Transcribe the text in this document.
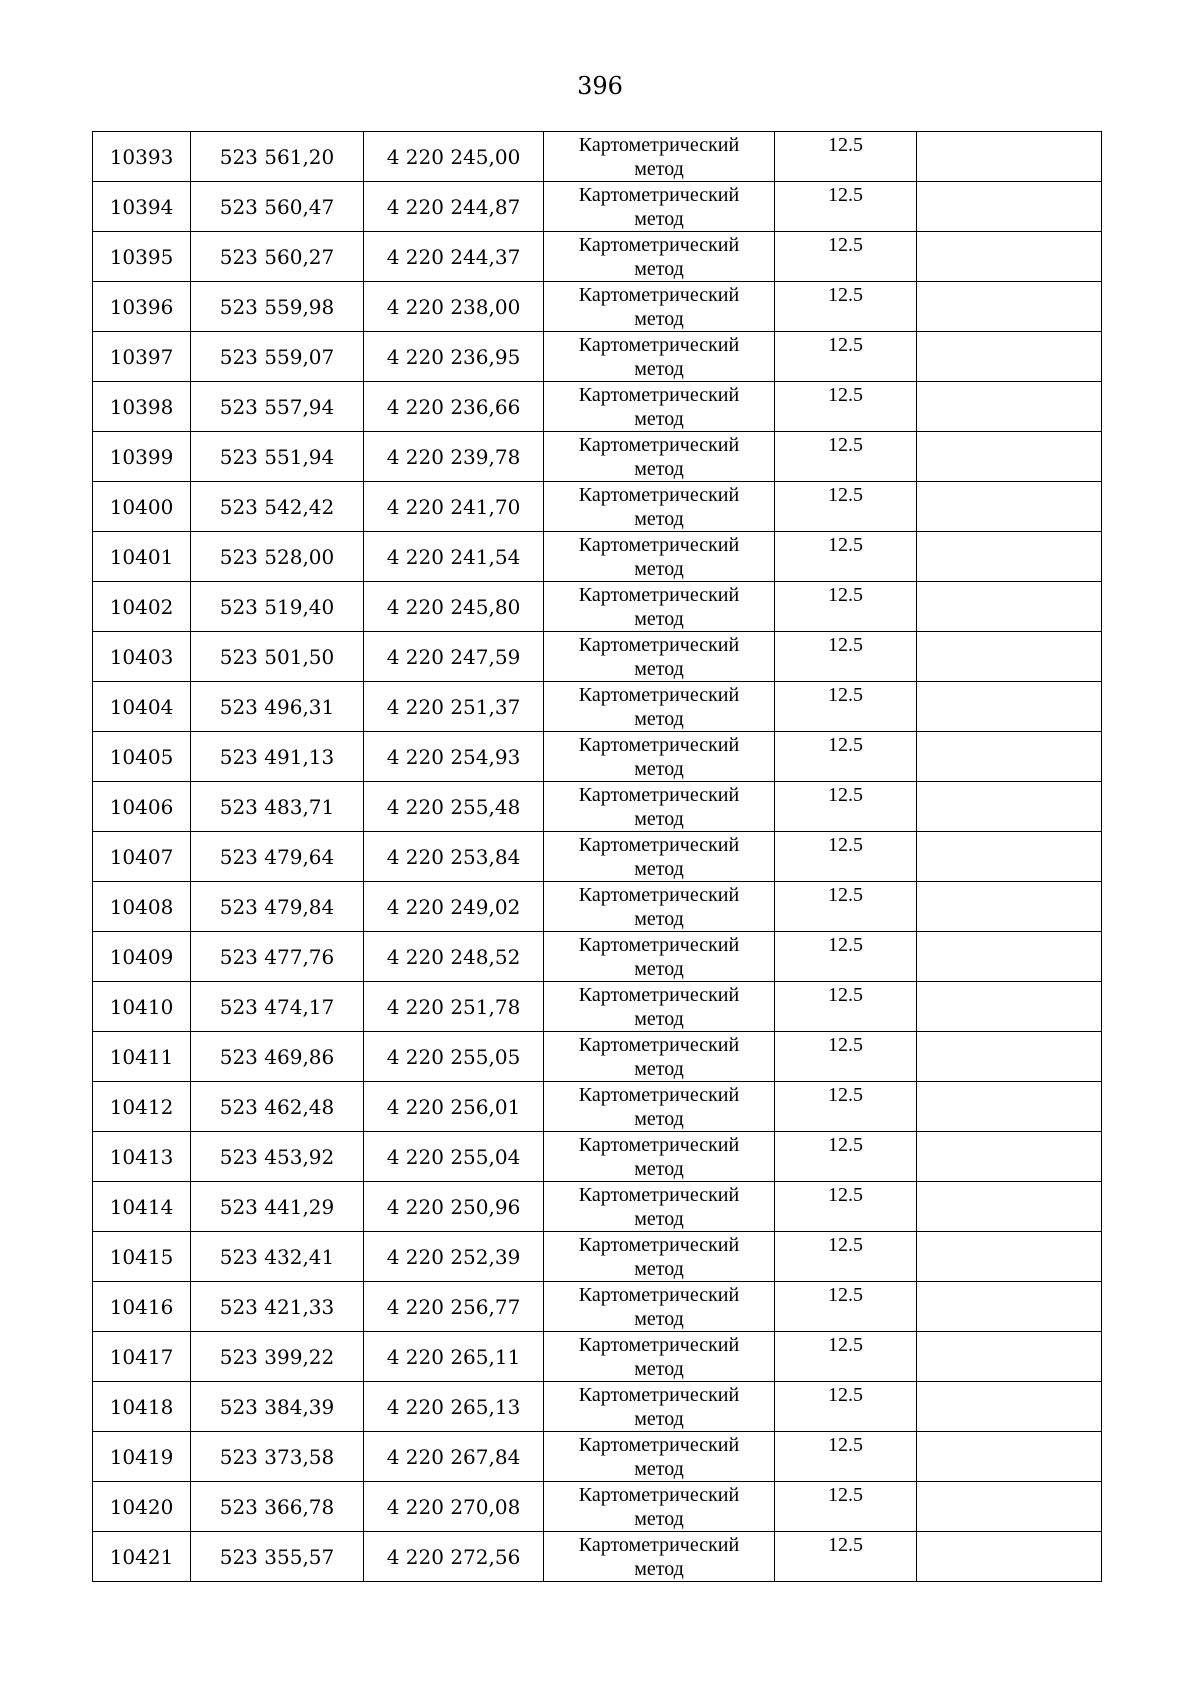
396
10393	523 561,20	4 220 245,00	Картометрический
метод	12.5	
10394	523 560,47	4 220 244,87	Картометрический
метод	12.5	
10395	523 560,27	4 220 244,37	Картометрический
метод	12.5	
10396	523 559,98	4 220 238,00	Картометрический
метод	12.5	
10397	523 559,07	4 220 236,95	Картометрический
метод	12.5	
10398	523 557,94	4 220 236,66	Картометрический
метод	12.5	
10399	523 551,94	4 220 239,78	Картометрический
метод	12.5	
10400	523 542,42	4 220 241,70	Картометрический
метод	12.5	
10401	523 528,00	4 220 241,54	Картометрический
метод	12.5	
10402	523 519,40	4 220 245,80	Картометрический
метод	12.5	
10403	523 501,50	4 220 247,59	Картометрический
метод	12.5	
10404	523 496,31	4 220 251,37	Картометрический
метод	12.5	
10405	523 491,13	4 220 254,93	Картометрический
метод	12.5	
10406	523 483,71	4 220 255,48	Картометрический
метод	12.5	
10407	523 479,64	4 220 253,84	Картометрический
метод	12.5	
10408	523 479,84	4 220 249,02	Картометрический
метод	12.5	
10409	523 477,76	4 220 248,52	Картометрический
метод	12.5	
10410	523 474,17	4 220 251,78	Картометрический
метод	12.5	
10411	523 469,86	4 220 255,05	Картометрический
метод	12.5	
10412	523 462,48	4 220 256,01	Картометрический
метод	12.5	
10413	523 453,92	4 220 255,04	Картометрический
метод	12.5	
10414	523 441,29	4 220 250,96	Картометрический
метод	12.5	
10415	523 432,41	4 220 252,39	Картометрический
метод	12.5	
10416	523 421,33	4 220 256,77	Картометрический
метод	12.5	
10417	523 399,22	4 220 265,11	Картометрический
метод	12.5	
10418	523 384,39	4 220 265,13	Картометрический
метод	12.5	
10419	523 373,58	4 220 267,84	Картометрический
метод	12.5	
10420	523 366,78	4 220 270,08	Картометрический
метод	12.5	
10421	523 355,57	4 220 272,56	Картометрический
метод	12.5	
